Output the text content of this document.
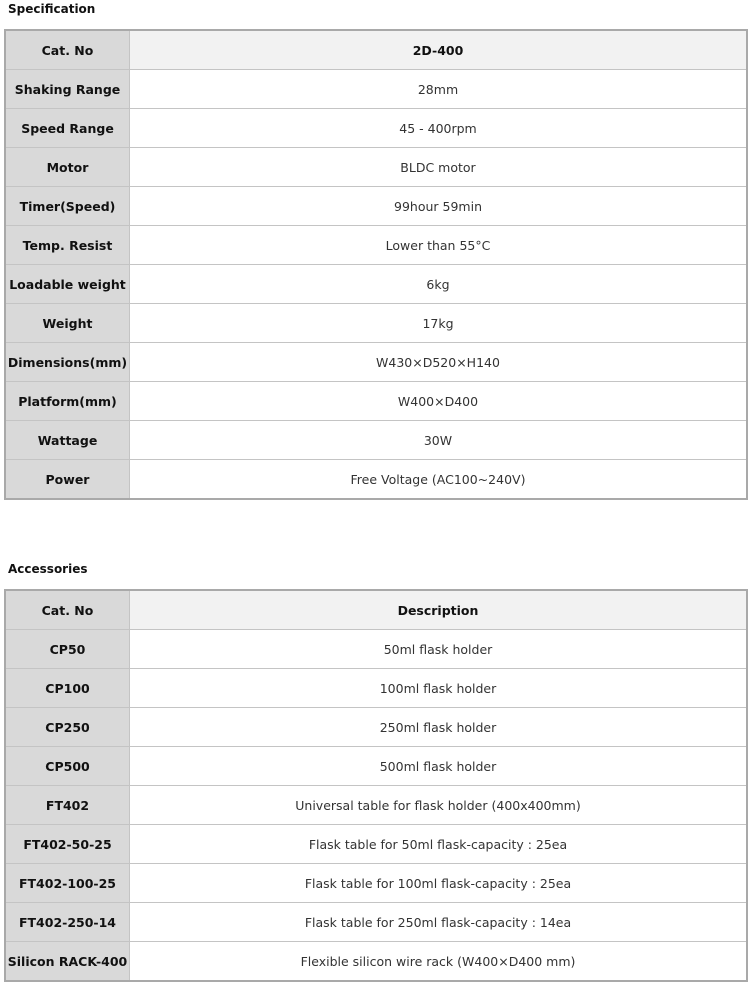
Specification
Cat. No	2D-400
Shaking Range	28mm
Speed Range	45 - 400rpm
Motor	BLDC motor
Timer(Speed)	99hour 59min
Temp. Resist	Lower than 55°C
Loadable weight	6kg
Weight	17kg
Dimensions(mm)	W430×D520×H140
Platform(mm)	W400×D400
Wattage	30W
Power	Free Voltage (AC100~240V)
Accessories
Cat. No	Description
CP50	50ml flask holder
CP100	100ml flask holder
CP250	250ml flask holder
CP500	500ml flask holder
FT402	Universal table for flask holder (400x400mm)
FT402-50-25	Flask table for 50ml flask-capacity : 25ea
FT402-100-25	Flask table for 100ml flask-capacity : 25ea
FT402-250-14	Flask table for 250ml flask-capacity : 14ea
Silicon RACK-400	Flexible silicon wire rack (W400×D400 mm)
